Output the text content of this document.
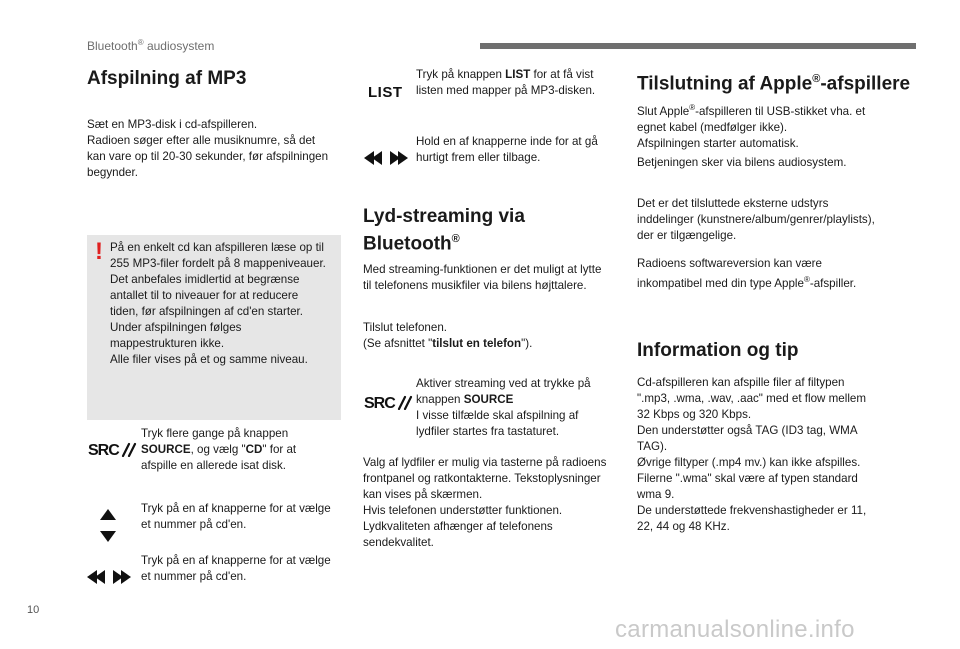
Bluetooth® audiosystem
Afspilning af MP3
Sæt en MP3-disk i cd-afspilleren.
Radioen søger efter alle musiknumre, så det
kan vare op til 20-30 sekunder, før afspilningen
begynder.
! På en enkelt cd kan afspilleren læse op til
255 MP3-filer fordelt på 8 mappeniveauer.
Det anbefales imidlertid at begrænse
antallet til to niveauer for at reducere
tiden, før afspilningen af cd'en starter.
Under afspilningen følges
mappestrukturen ikke.
Alle filer vises på et og samme niveau.
SRC
Tryk flere gange på knappen
SOURCE, og vælg "CD" for at
afspille en allerede isat disk.
Tryk på en af knapperne for at vælge
et nummer på cd'en.
Tryk på en af knapperne for at vælge
et nummer på cd'en.
LIST
Tryk på knappen LIST for at få vist
listen med mapper på MP3-disken.
Hold en af knapperne inde for at gå
hurtigt frem eller tilbage.
Lyd-streaming via
Bluetooth®
Med streaming-funktionen er det muligt at lytte
til telefonens musikfiler via bilens højttalere.
Tilslut telefonen.
(Se afsnittet "tilslut en telefon").
SRC
Aktiver streaming ved at trykke på
knappen SOURCE
I visse tilfælde skal afspilning af
lydfiler startes fra tastaturet.
Valg af lydfiler er mulig via tasterne på radioens
frontpanel og ratkontakterne. Tekstoplysninger
kan vises på skærmen.
Hvis telefonen understøtter funktionen.
Lydkvaliteten afhænger af telefonens
sendekvalitet.
Tilslutning af Apple®-afspillere
Slut Apple®-afspilleren til USB-stikket vha. et
egnet kabel (medfølger ikke).
Afspilningen starter automatisk.
Betjeningen sker via bilens audiosystem.
Det er det tilsluttede eksterne udstyrs
inddelinger (kunstnere/album/genrer/playlists),
der er tilgængelige.
Radioens softwareversion kan være
inkompatibel med din type Apple®-afspiller.
Information og tip
Cd-afspilleren kan afspille filer af filtypen
".mp3, .wma, .wav, .aac" med et flow mellem
32 Kbps og 320 Kbps.
Den understøtter også TAG (ID3 tag, WMA
TAG).
Øvrige filtyper (.mp4 mv.) kan ikke afspilles.
Filerne ".wma" skal være af typen standard
wma 9.
De understøttede frekvenshastigheder er 11,
22, 44 og 48 KHz.
10
carmanualsonline.info
